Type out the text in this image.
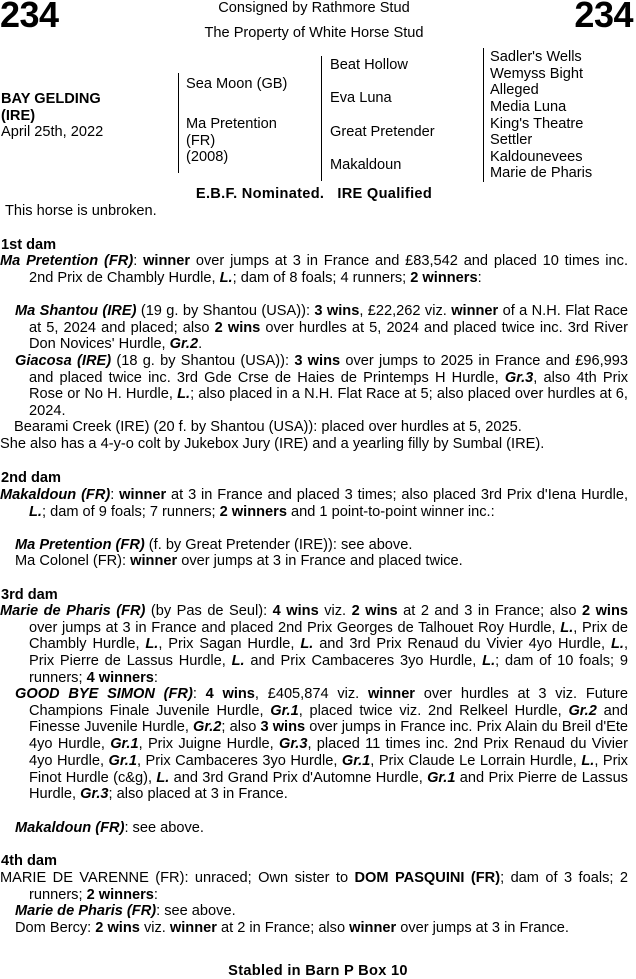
234	234
Consigned by Rathmore Stud
The Property of White Horse Stud
BAY GELDING
(IRE)
April 25th, 2022
Sea Moon (GB)
Ma Pretention
(FR)
(2008)
Beat Hollow
Eva Luna
Great Pretender
Makaldoun
Sadler's Wells
Wemyss Bight
Alleged
Media Luna
King's Theatre
Settler
Kaldounevees
Marie de Pharis
E.B.F. Nominated.   IRE Qualified
This horse is unbroken.
1st dam
Ma Pretention (FR): winner over jumps at 3 in France and £83,542 and placed 10 times inc. 2nd Prix de Chambly Hurdle, L.; dam of 8 foals; 4 runners; 2 winners:
Ma Shantou (IRE) (19 g. by Shantou (USA)): 3 wins, £22,262 viz. winner of a N.H. Flat Race at 5, 2024 and placed; also 2 wins over hurdles at 5, 2024 and placed twice inc. 3rd River Don Novices' Hurdle, Gr.2.
Giacosa (IRE) (18 g. by Shantou (USA)): 3 wins over jumps to 2025 in France and £96,993 and placed twice inc. 3rd Gde Crse de Haies de Printemps H Hurdle, Gr.3, also 4th Prix Rose or No H. Hurdle, L.; also placed in a N.H. Flat Race at 5; also placed over hurdles at 6, 2024.
Bearami Creek (IRE) (20 f. by Shantou (USA)): placed over hurdles at 5, 2025.
She also has a 4-y-o colt by Jukebox Jury (IRE) and a yearling filly by Sumbal (IRE).
2nd dam
Makaldoun (FR): winner at 3 in France and placed 3 times; also placed 3rd Prix d'Iena Hurdle, L.; dam of 9 foals; 7 runners; 2 winners and 1 point-to-point winner inc.:
Ma Pretention (FR) (f. by Great Pretender (IRE)): see above.
Ma Colonel (FR): winner over jumps at 3 in France and placed twice.
3rd dam
Marie de Pharis (FR) (by Pas de Seul): 4 wins viz. 2 wins at 2 and 3 in France; also 2 wins over jumps at 3 in France and placed 2nd Prix Georges de Talhouet Roy Hurdle, L., Prix de Chambly Hurdle, L., Prix Sagan Hurdle, L. and 3rd Prix Renaud du Vivier 4yo Hurdle, L., Prix Pierre de Lassus Hurdle, L. and Prix Cambaceres 3yo Hurdle, L.; dam of 10 foals; 9 runners; 4 winners:
GOOD BYE SIMON (FR): 4 wins, £405,874 viz. winner over hurdles at 3 viz. Future Champions Finale Juvenile Hurdle, Gr.1, placed twice viz. 2nd Relkeel Hurdle, Gr.2 and Finesse Juvenile Hurdle, Gr.2; also 3 wins over jumps in France inc. Prix Alain du Breil d'Ete 4yo Hurdle, Gr.1, Prix Juigne Hurdle, Gr.3, placed 11 times inc. 2nd Prix Renaud du Vivier 4yo Hurdle, Gr.1, Prix Cambaceres 3yo Hurdle, Gr.1, Prix Claude Le Lorrain Hurdle, L., Prix Finot Hurdle (c&g), L. and 3rd Grand Prix d'Automne Hurdle, Gr.1 and Prix Pierre de Lassus Hurdle, Gr.3; also placed at 3 in France.
Makaldoun (FR): see above.
4th dam
MARIE DE VARENNE (FR): unraced; Own sister to DOM PASQUINI (FR); dam of 3 foals; 2 runners; 2 winners:
Marie de Pharis (FR): see above.
Dom Bercy: 2 wins viz. winner at 2 in France; also winner over jumps at 3 in France.
Stabled in Barn P Box 10
